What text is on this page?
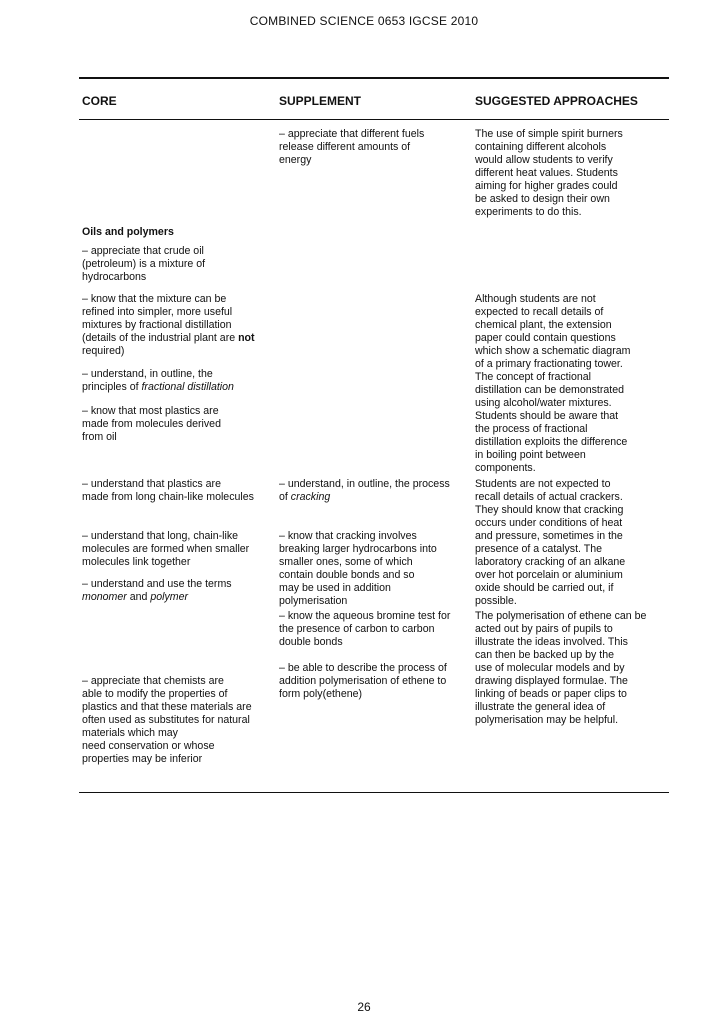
COMBINED SCIENCE 0653 IGCSE 2010
CORE	SUPPLEMENT	SUGGESTED APPROACHES
– appreciate that different fuels
release different amounts of
energy
– understand, in outline, the process
of cracking
– know that cracking involves
breaking larger hydrocarbons into
smaller ones, some of which
contain double bonds and so
may be used in addition
polymerisation
– know the aqueous bromine test for
the presence of carbon to carbon
double bonds
– be able to describe the process of
addition polymerisation of ethene to
form poly(ethene)
The use of simple spirit burners
containing different alcohols
would allow students to verify
different heat values. Students
aiming for higher grades could
be asked to design their own
experiments to do this.
Although students are not
expected to recall details of
chemical plant, the extension
paper could contain questions
which show a schematic diagram
of a primary fractionating tower.
The concept of fractional
distillation can be demonstrated
using alcohol/water mixtures.
Students should be aware that
the process of fractional
distillation exploits the difference
in boiling point between
components.
Students are not expected to
recall details of actual crackers.
They should know that cracking
occurs under conditions of heat
and pressure, sometimes in the
presence of a catalyst. The
laboratory cracking of an alkane
over hot porcelain or aluminium
oxide should be carried out, if
possible.
The polymerisation of ethene can be
acted out by pairs of pupils to
illustrate the ideas involved. This
can then be backed up by the
use of molecular models and by
drawing displayed formulae. The
linking of beads or paper clips to
illustrate the general idea of
polymerisation may be helpful.
Oils and polymers
– appreciate that crude oil
(petroleum) is a mixture of
hydrocarbons
– know that the mixture can be
refined into simpler, more useful
mixtures by fractional distillation
(details of the industrial plant are not
required)
– understand, in outline, the
principles of fractional distillation
– know that most plastics are
made from molecules derived
from oil
– understand that plastics are
made from long chain-like molecules
– understand that long, chain-like
molecules are formed when smaller
molecules link together
– understand and use the terms
monomer and polymer
– appreciate that chemists are
able to modify the properties of
plastics and that these materials are
often used as substitutes for natural
materials which may
need conservation or whose
properties may be inferior
26
